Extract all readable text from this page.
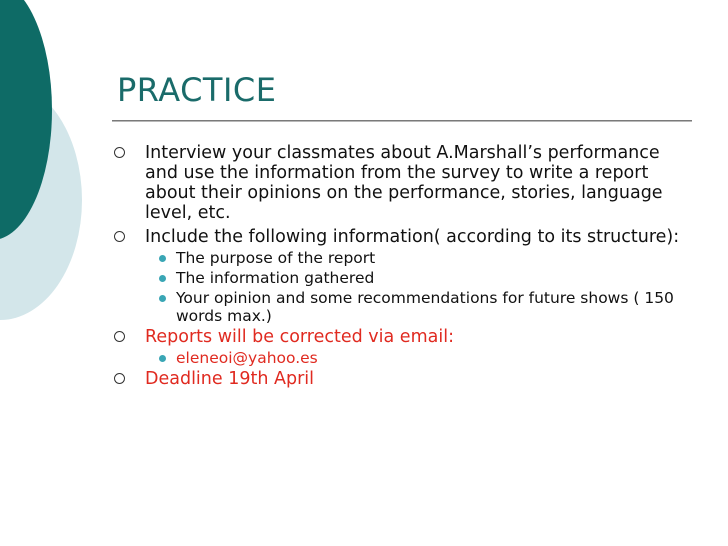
PRACTICE
Interview your classmates about A.Marshall’s performance and use the information from the survey to write a report about their opinions on the performance, stories, language level, etc.
Include the following information( according to its structure):
The purpose of the report
The information gathered
Your opinion and some recommendations for future shows ( 150 words max.)
Reports will be corrected via email:
eleneoi@yahoo.es
Deadline 19th April
